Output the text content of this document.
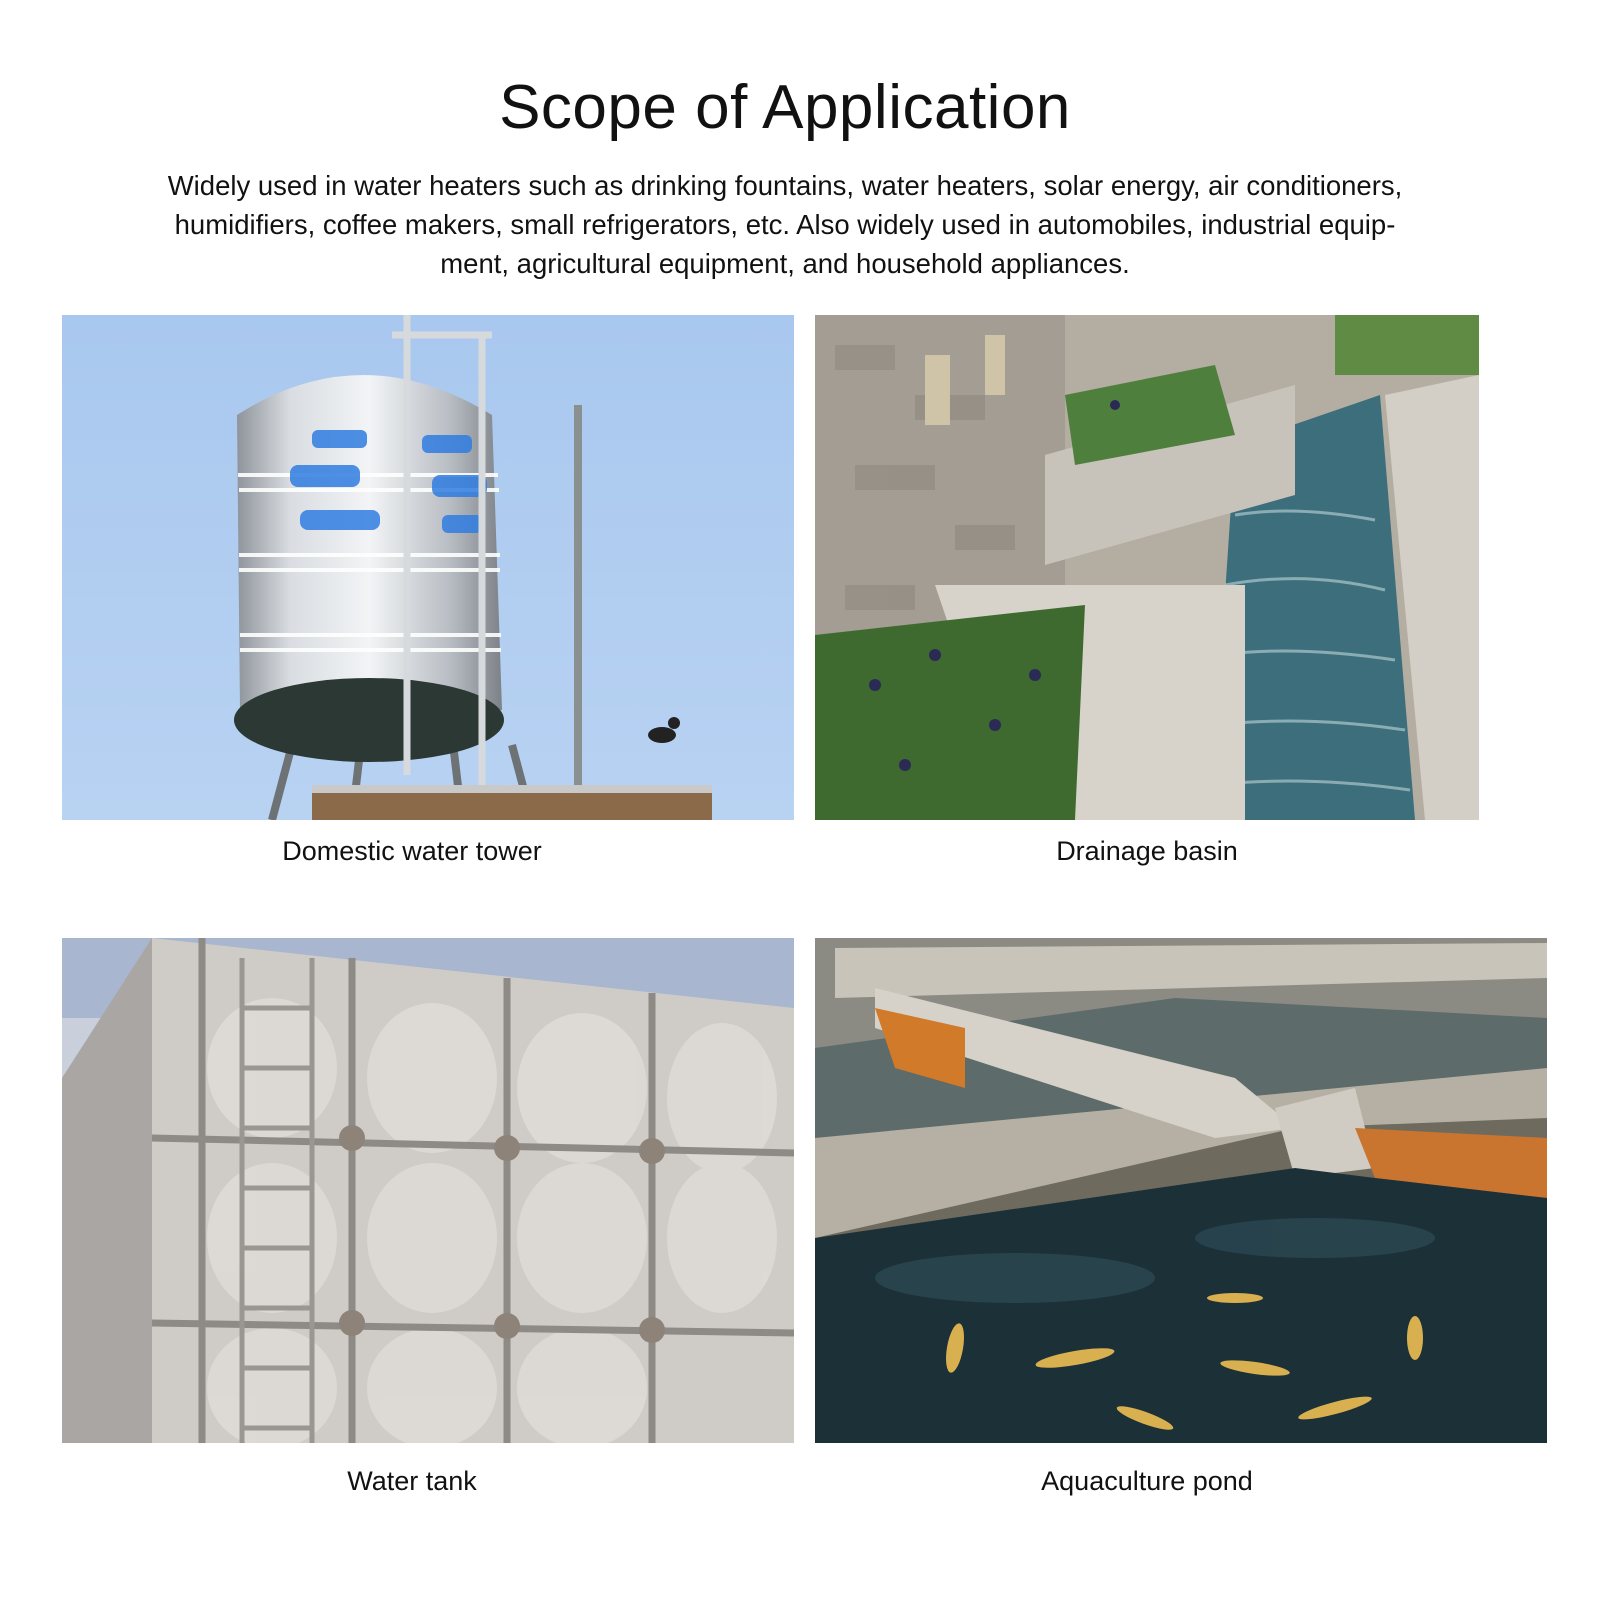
Scope of Application
Widely used in water heaters such as drinking fountains, water heaters, solar energy, air conditioners,
humidifiers, coffee makers, small refrigerators, etc. Also widely used in automobiles, industrial equip-
ment, agricultural equipment, and household appliances.
Domestic water tower	Drainage basin
Water tank	Aquaculture pond
